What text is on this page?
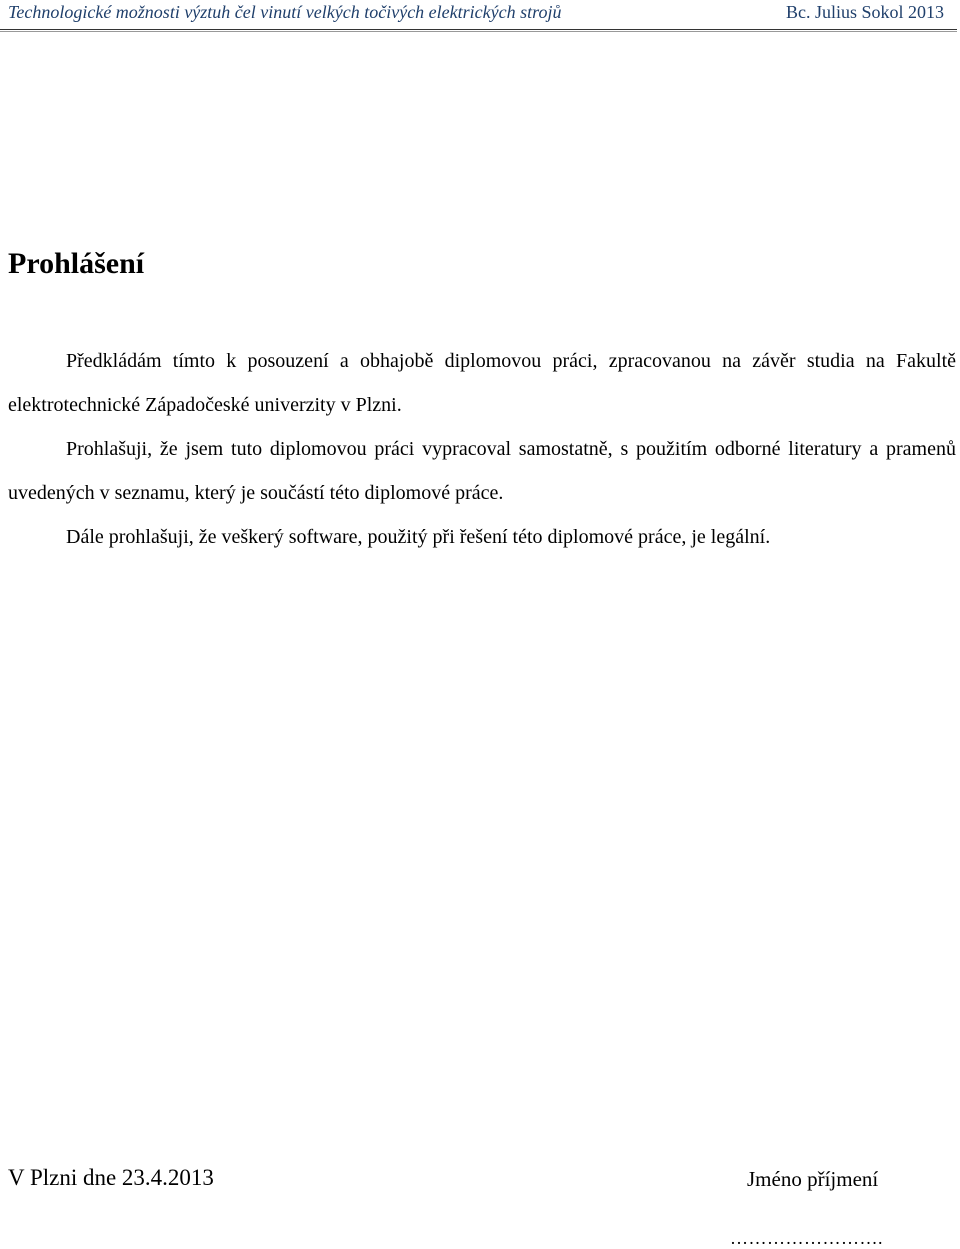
Technologické možnosti výztuh čel vinutí velkých točivých elektrických strojů	Bc. Julius Sokol 2013
Prohlášení

Předkládám tímto k posouzení a obhajobě diplomovou práci, zpracovanou na závěr studia na Fakultě elektrotechnické Západočeské univerzity v Plzni.

Prohlašuji, že jsem tuto diplomovou práci vypracoval samostatně, s použitím odborné literatury a pramenů uvedených v seznamu, který je součástí této diplomové práce.

Dále prohlašuji, že veškerý software, použitý při řešení této diplomové práce, je legální.

V Plzni dne 23.4.2013	Jméno příjmení
…………………….
